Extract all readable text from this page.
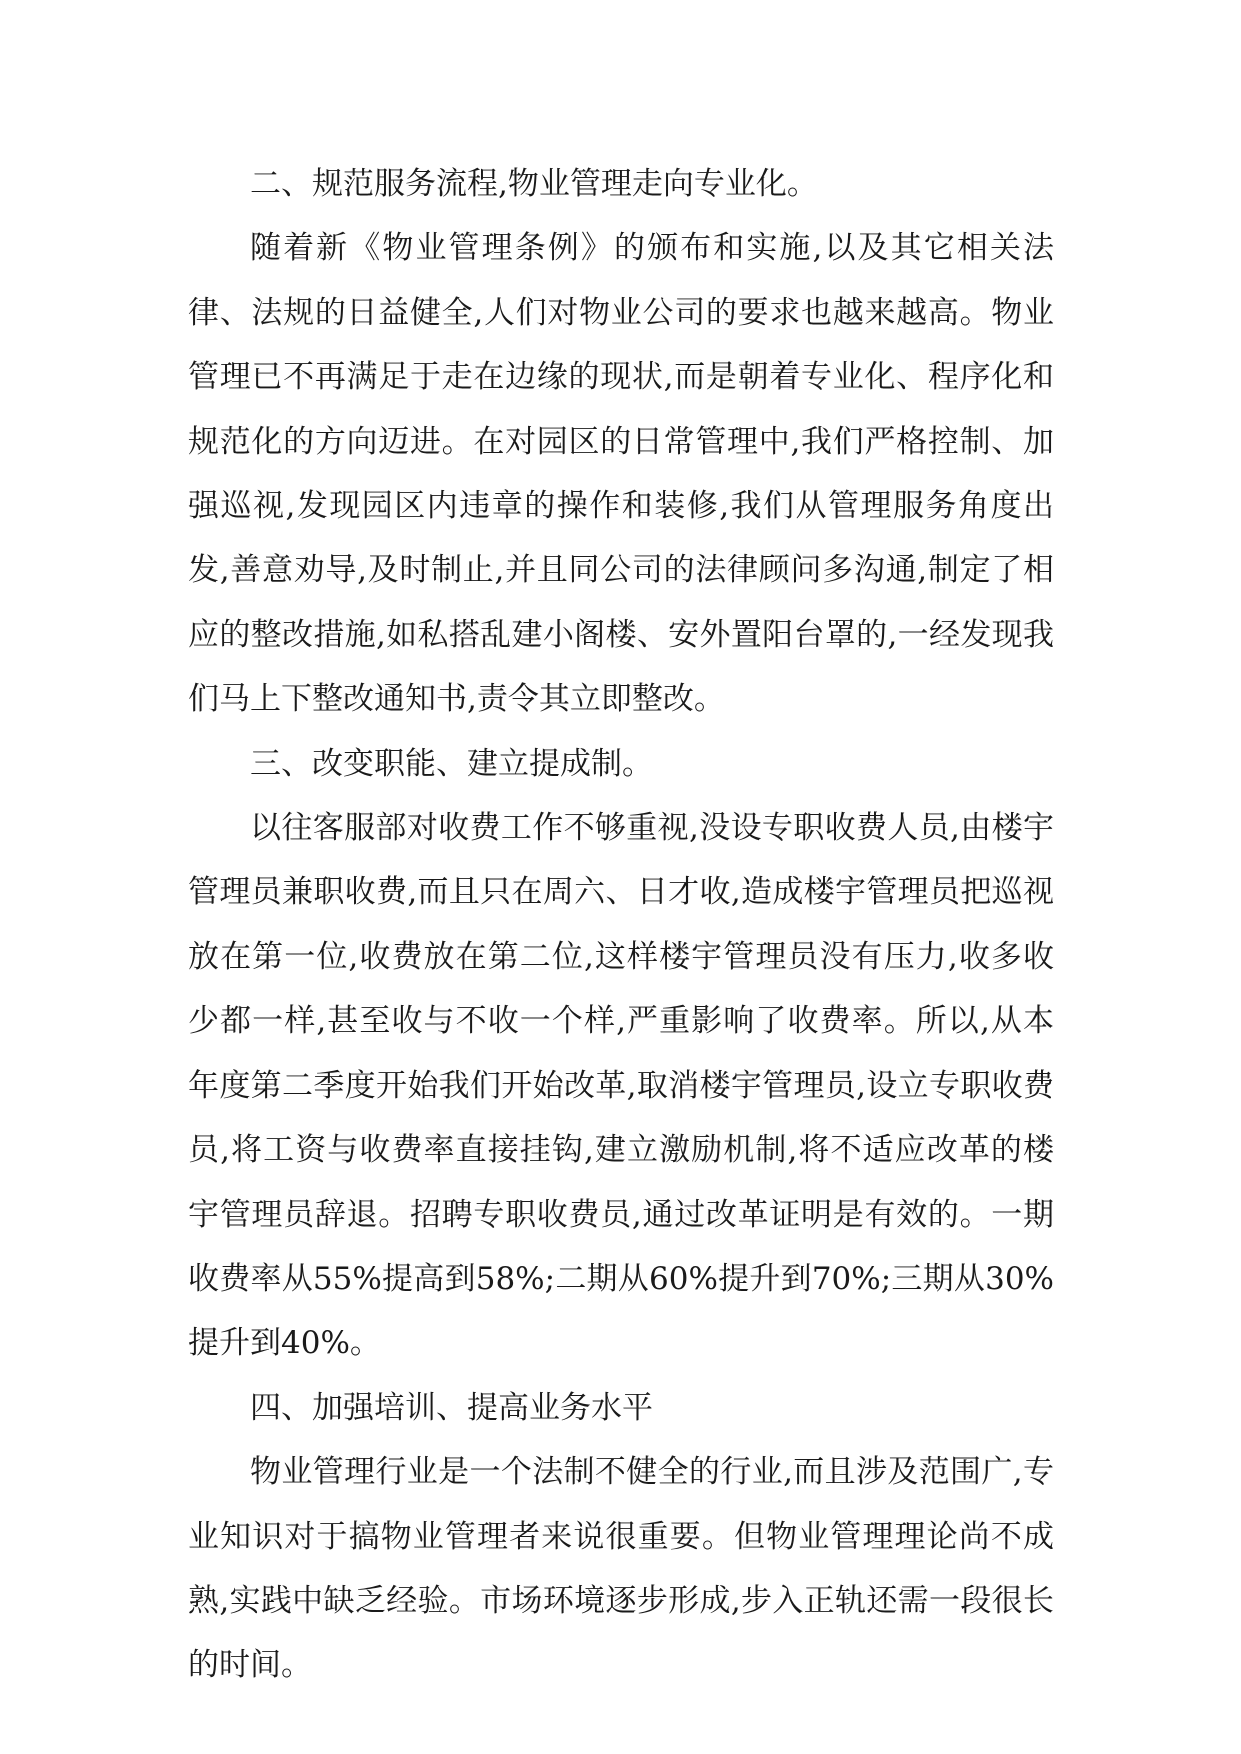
二、规范服务流程,物业管理走向专业化。

随着新《物业管理条例》的颁布和实施,以及其它相关法律、法规的日益健全,人们对物业公司的要求也越来越高。物业管理已不再满足于走在边缘的现状,而是朝着专业化、程序化和规范化的方向迈进。在对园区的日常管理中,我们严格控制、加强巡视,发现园区内违章的操作和装修,我们从管理服务角度出发,善意劝导,及时制止,并且同公司的法律顾问多沟通,制定了相应的整改措施,如私搭乱建小阁楼、安外置阳台罩的,一经发现我们马上下整改通知书,责令其立即整改。

三、改变职能、建立提成制。

以往客服部对收费工作不够重视,没设专职收费人员,由楼宇管理员兼职收费,而且只在周六、日才收,造成楼宇管理员把巡视放在第一位,收费放在第二位,这样楼宇管理员没有压力,收多收少都一样,甚至收与不收一个样,严重影响了收费率。所以,从本年度第二季度开始我们开始改革,取消楼宇管理员,设立专职收费员,将工资与收费率直接挂钩,建立激励机制,将不适应改革的楼宇管理员辞退。招聘专职收费员,通过改革证明是有效的。一期收费率从55%提高到58%;二期从60%提升到70%;三期从30%提升到40%。

四、加强培训、提高业务水平

物业管理行业是一个法制不健全的行业,而且涉及范围广,专业知识对于搞物业管理者来说很重要。但物业管理理论尚不成熟,实践中缺乏经验。市场环境逐步形成,步入正轨还需一段很长的时间。
